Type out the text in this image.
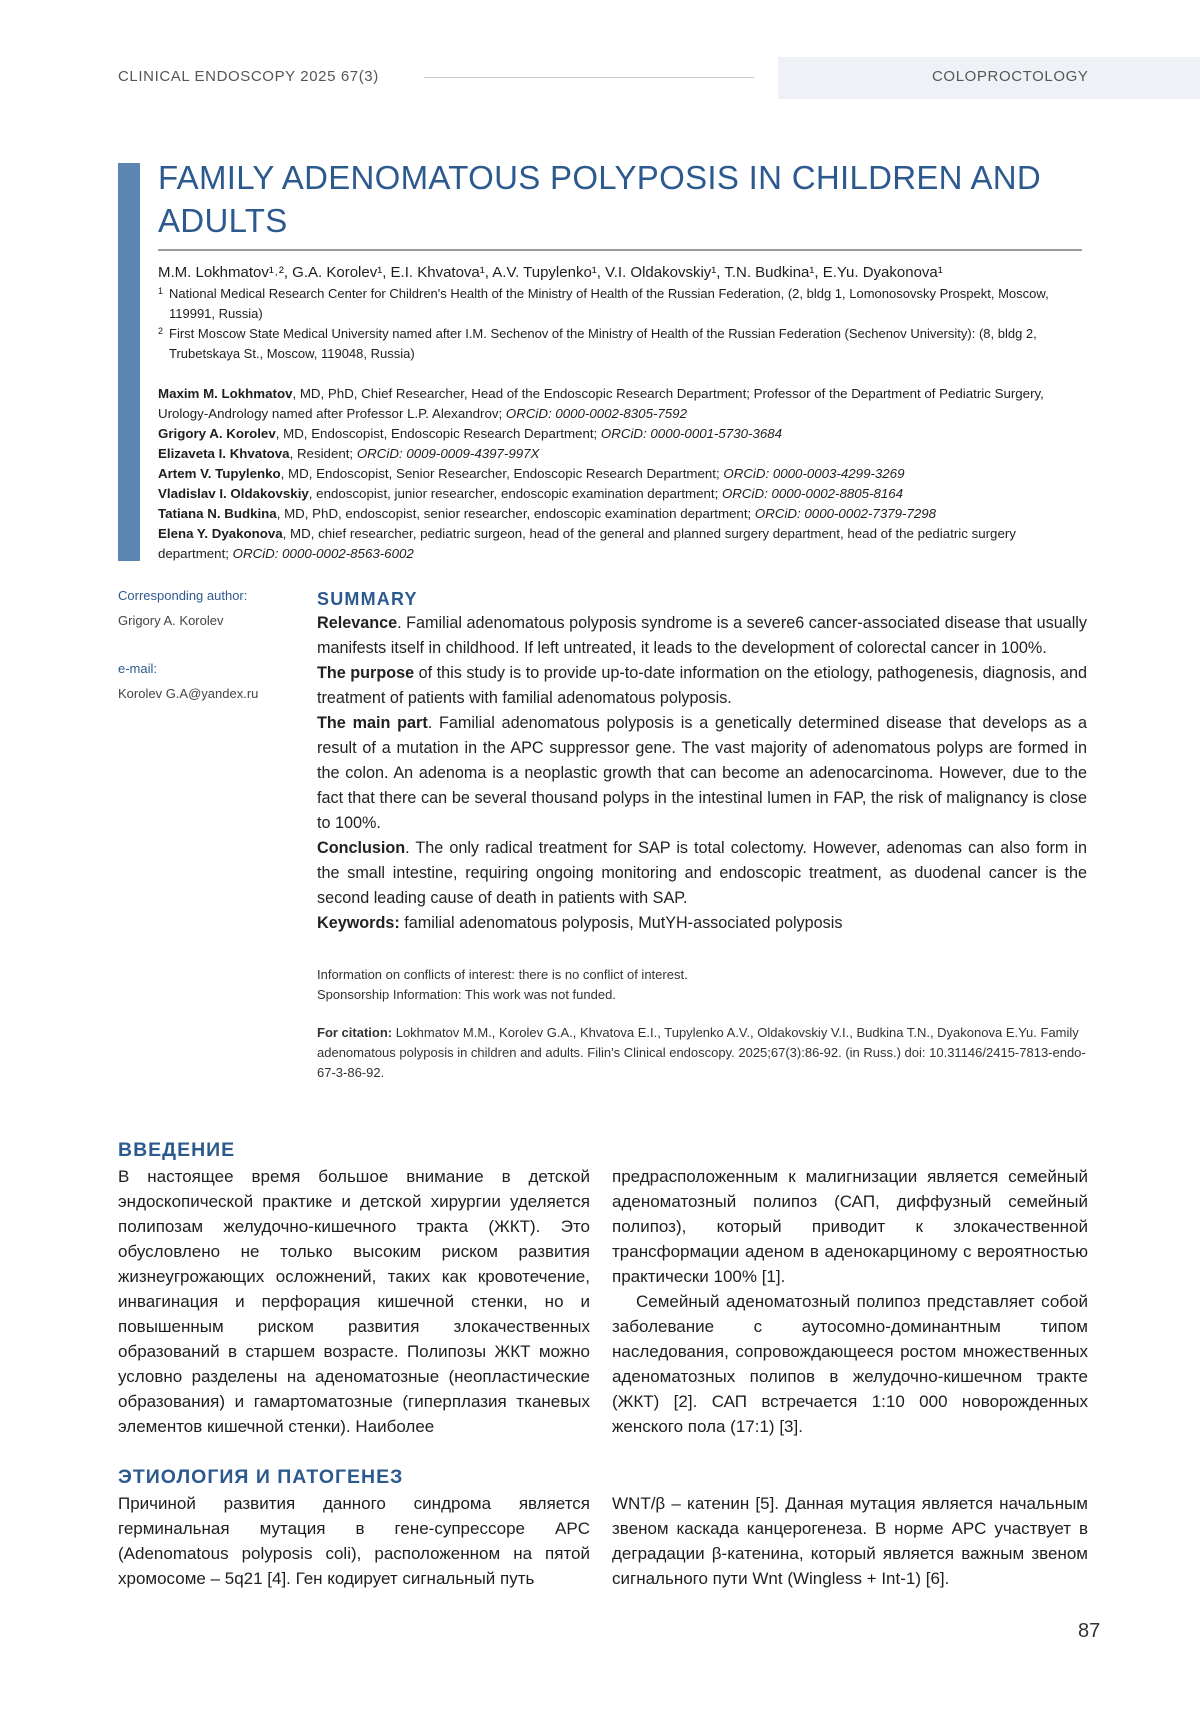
CLINICAL ENDOSCOPY 2025 67(3)	COLOPROCTOLOGY
FAMILY ADENOMATOUS POLYPOSIS IN CHILDREN AND ADULTS
M.M. Lokhmatov¹˒², G.A. Korolev¹, E.I. Khvatova¹, A.V. Tupylenko¹, V.I. Oldakovskiy¹, T.N. Budkina¹, E.Yu. Dyakonova¹
1 National Medical Research Center for Children's Health of the Ministry of Health of the Russian Federation, (2, bldg 1, Lomonosovsky Prospekt, Moscow, 119991, Russia)
2 First Moscow State Medical University named after I.M. Sechenov of the Ministry of Health of the Russian Federation (Sechenov University): (8, bldg 2, Trubetskaya St., Moscow, 119048, Russia)

Maxim M. Lokhmatov, MD, PhD, Chief Researcher, Head of the Endoscopic Research Department; Professor of the Department of Pediatric Surgery, Urology-Andrology named after Professor L.P. Alexandrov; ORCiD: 0000-0002-8305-7592

Grigory A. Korolev, MD, Endoscopist, Endoscopic Research Department; ORCiD: 0000-0001-5730-3684

Elizaveta I. Khvatova, Resident; ORCiD: 0009-0009-4397-997X

Artem V. Tupylenko, MD, Endoscopist, Senior Researcher, Endoscopic Research Department; ORCiD: 0000-0003-4299-3269

Vladislav I. Oldakovskiy, endoscopist, junior researcher, endoscopic examination department; ORCiD: 0000-0002-8805-8164

Tatiana N. Budkina, MD, PhD, endoscopist, senior researcher, endoscopic examination department; ORCiD: 0000-0002-7379-7298

Elena Y. Dyakonova, MD, chief researcher, pediatric surgeon, head of the general and planned surgery department, head of the pediatric surgery department; ORCiD: 0000-0002-8563-6002

Corresponding author:
Grigory A. Korolev
e-mail:
Korolev G.A@yandex.ru
SUMMARY

Relevance. Familial adenomatous polyposis syndrome is a severe6 cancer-associated disease that usually manifests itself in childhood. If left untreated, it leads to the development of colorectal cancer in 100%.

The purpose of this study is to provide up-to-date information on the etiology, pathogenesis, diagnosis, and treatment of patients with familial adenomatous polyposis.

The main part. Familial adenomatous polyposis is a genetically determined disease that develops as a result of a mutation in the APC suppressor gene. The vast majority of adenomatous polyps are formed in the colon. An adenoma is a neoplastic growth that can become an adenocarcinoma. However, due to the fact that there can be several thousand polyps in the intestinal lumen in FAP, the risk of malignancy is close to 100%.

Conclusion. The only radical treatment for SAP is total colectomy. However, adenomas can also form in the small intestine, requiring ongoing monitoring and endoscopic treatment, as duodenal cancer is the second leading cause of death in patients with SAP.

Keywords: familial adenomatous polyposis, MutYH-associated polyposis

Information on conflicts of interest: there is no conflict of interest.
Sponsorship Information: This work was not funded.
For citation: Lokhmatov M.M., Korolev G.A., Khvatova E.I., Tupylenko A.V., Oldakovskiy V.I., Budkina T.N., Dyakonova E.Yu. Family adenomatous polyposis in children and adults. Filin's Clinical endoscopy. 2025;67(3):86-92. (in Russ.) doi: 10.31146/2415-7813-endo-67-3-86-92.
ВВЕДЕНИЕ

В настоящее время большое внимание в детской эндоскопической практике и детской хирургии уделяется полипозам желудочно-кишечного тракта (ЖКТ). Это обусловлено не только высоким риском развития жизнеугрожающих осложнений, таких как кровотечение, инвагинация и перфорация кишечной стенки, но и повышенным риском развития злокачественных образований в старшем возрасте. Полипозы ЖКТ можно условно разделены на аденоматозные (неопластические образования) и гамартоматозные (гиперплазия тканевых элементов кишечной стенки). Наиболее

предрасположенным к малигнизации является семейный аденоматозный полипоз (САП, диффузный семейный полипоз), который приводит к злокачественной трансформации аденом в аденокарциному с вероятностью практически 100% [1].

Семейный аденоматозный полипоз представляет собой заболевание с аутосомно-доминантным типом наследования, сопровождающееся ростом множественных аденоматозных полипов в желудочно-кишечном тракте (ЖКТ) [2]. САП встречается 1:10 000 новорожденных женского пола (17:1) [3].

ЭТИОЛОГИЯ И ПАТОГЕНЕЗ

Причиной развития данного синдрома является герминальная мутация в гене-супрессоре APC (Adenomatous polyposis coli), расположенном на пятой хромосоме – 5q21 [4]. Ген кодирует сигнальный путь

WNT/β – катенин [5]. Данная мутация является начальным звеном каскада канцерогенеза. В норме APC участвует в деградации β-катенина, который является важным звеном сигнального пути Wnt (Wingless + Int-1) [6].

87
